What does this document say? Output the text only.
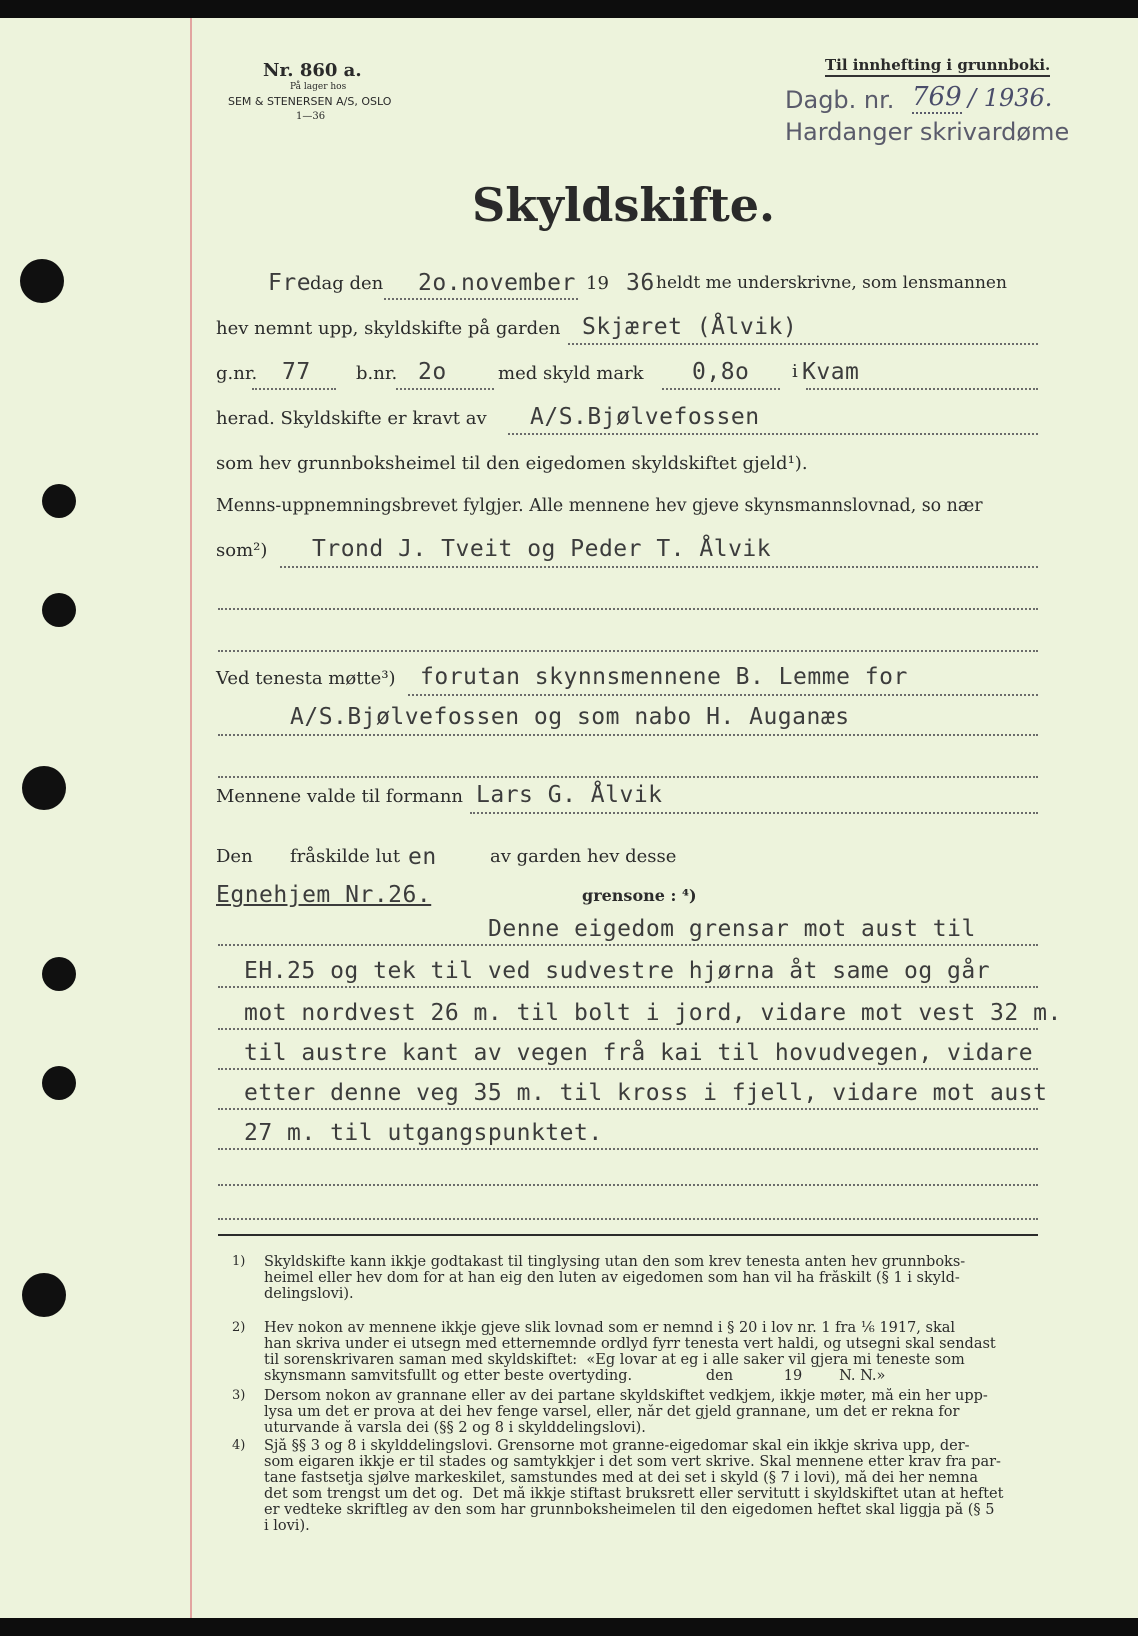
Nr. 860 a.
På lager hos
SEM & STENERSEN A/S, OSLO
1—36
Til innhefting i grunnboki.
Dagb. nr. 769 / 1936.
Hardanger skrivardøme
Skyldskifte.
Fre
dag den 2o.november 19 36 heldt me underskrivne, som lensmannen
hev nemnt upp, skyldskifte på garden Skjæret (Ålvik)
g.nr. 77	b.nr. 2o	med skyld mark 0,8o i Kvam
herad. Skyldskifte er kravt av A/S.Bjølvefossen
som hev grunnboksheimel til den eigedomen skyldskiftet gjeld¹).
Menns-uppnemningsbrevet fylgjer. Alle mennene hev gjeve skynsmannslovnad, so nær
som²) Trond J. Tveit og Peder T. Ålvik
Ved tenesta møtte³) forutan skynnsmennene B. Lemme for
A/S.Bjølvefossen og som nabo H. Auganæs
Mennene valde til formann Lars G. Ålvik
Den fråskilde lut en	av garden hev desse
Egnehjem Nr.26.	grensone : ⁴)
Denne eigedom grensar mot aust til
EH.25 og tek til ved sudvestre hjørna åt same og går
mot nordvest 26 m. til bolt i jord, vidare mot vest 32 m.
til austre kant av vegen frå kai til hovudvegen, vidare
etter denne veg 35 m. til kross i fjell, vidare mot aust
27 m. til utgangspunktet.
1) Skyldskifte kann ikkje godtakast til tinglysing utan den som krev tenesta anten hev grunnboks-
heimel eller hev dom for at han eig den luten av eigedomen som han vil ha fråskilt (§ 1 i skyld-
delingslovi).
2) Hev nokon av mennene ikkje gjeve slik lovnad som er nemnd i § 20 i lov nr. 1 fra ⅙ 1917, skal
han skriva under ei utsegn med etternemnde ordlyd fyrr tenesta vert haldi, og utsegni skal sendast
til sorenskrivaren saman med skyldskiftet:  «Eg lovar at eg i alle saker vil gjera mi teneste som
skynsmann samvitsfullt og etter beste overtyding.                den           19        N. N.»
3) Dersom nokon av grannane eller av dei partane skyldskiftet vedkjem, ikkje møter, må ein her upp-
lysa um det er prova at dei hev fenge varsel, eller, når det gjeld grannane, um det er rekna for
uturvande å varsla dei (§§ 2 og 8 i skylddelingslovi).
4) Sjå §§ 3 og 8 i skylddelingslovi. Grensorne mot granne-eigedomar skal ein ikkje skriva upp, der-
som eigaren ikkje er til stades og samtykkjer i det som vert skrive. Skal mennene etter krav fra par-
tane fastsetja sjølve markeskilet, samstundes med at dei set i skyld (§ 7 i lovi), må dei her nemna
det som trengst um det og.  Det må ikkje stiftast bruksrett eller servitutt i skyldskiftet utan at heftet
er vedteke skriftleg av den som har grunnboksheimelen til den eigedomen heftet skal liggja på (§ 5
i lovi).
